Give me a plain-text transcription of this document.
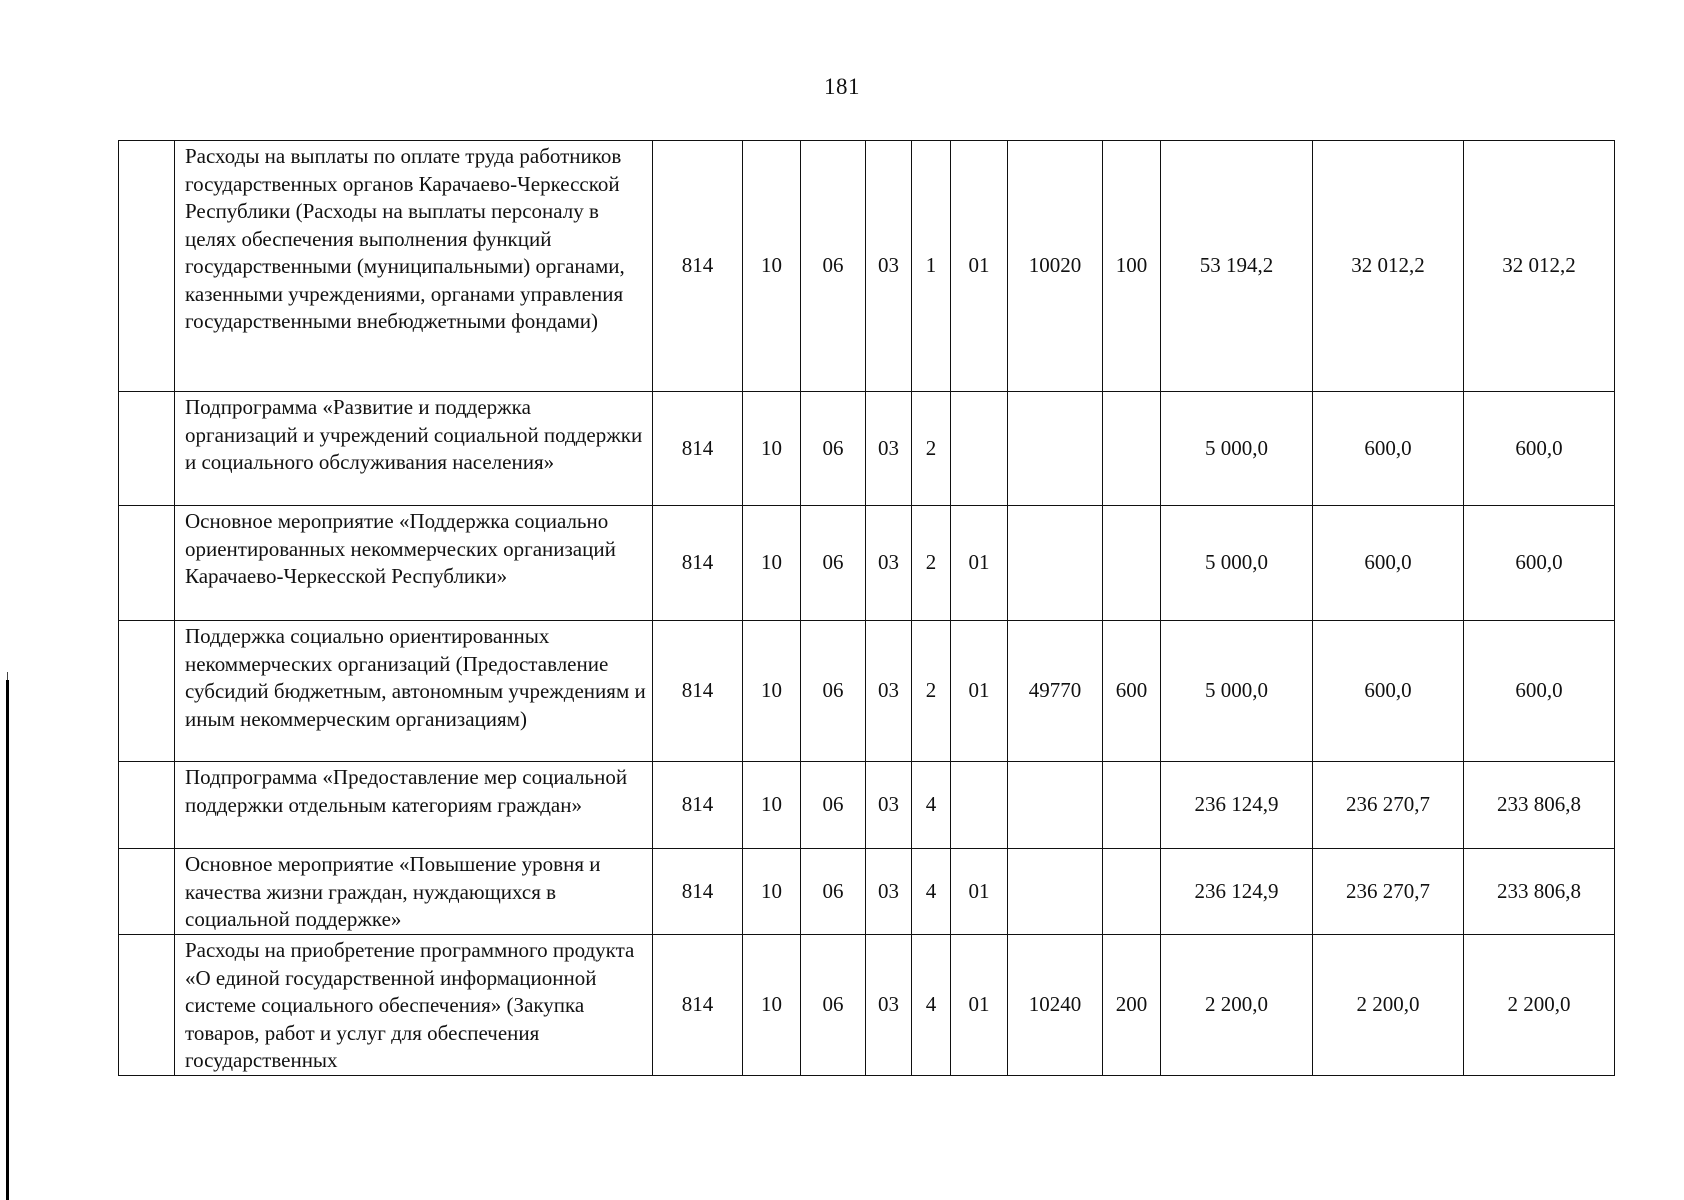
181
	Расходы на выплаты по оплате труда работников государственных органов Карачаево-Черкесской Республики (Расходы на выплаты персоналу в целях обеспечения выполнения функций государственными (муниципальными) органами, казенными учреждениями, органами управления государственными внебюджетными фондами)	814	10	06	03	1	01	10020	100	53 194,2	32 012,2	32 012,2
	Подпрограмма «Развитие и поддержка организаций и учреждений социальной поддержки и социального обслуживания населения»	814	10	06	03	2				5 000,0	600,0	600,0
	Основное мероприятие «Поддержка социально ориентированных некоммерческих организаций Карачаево-Черкесской Республики»	814	10	06	03	2	01			5 000,0	600,0	600,0
	Поддержка социально ориентированных некоммерческих организаций (Предоставление субсидий бюджетным, автономным учреждениям и иным некоммерческим организациям)	814	10	06	03	2	01	49770	600	5 000,0	600,0	600,0
	Подпрограмма «Предоставление мер социальной поддержки отдельным категориям граждан»	814	10	06	03	4				236 124,9	236 270,7	233 806,8
	Основное мероприятие «Повышение уровня и качества жизни граждан, нуждающихся в социальной поддержке»	814	10	06	03	4	01			236 124,9	236 270,7	233 806,8
	Расходы на приобретение программного продукта «О единой государственной информационной системе социального обеспечения» (Закупка товаров, работ и услуг для обеспечения государственных	814	10	06	03	4	01	10240	200	2 200,0	2 200,0	2 200,0
